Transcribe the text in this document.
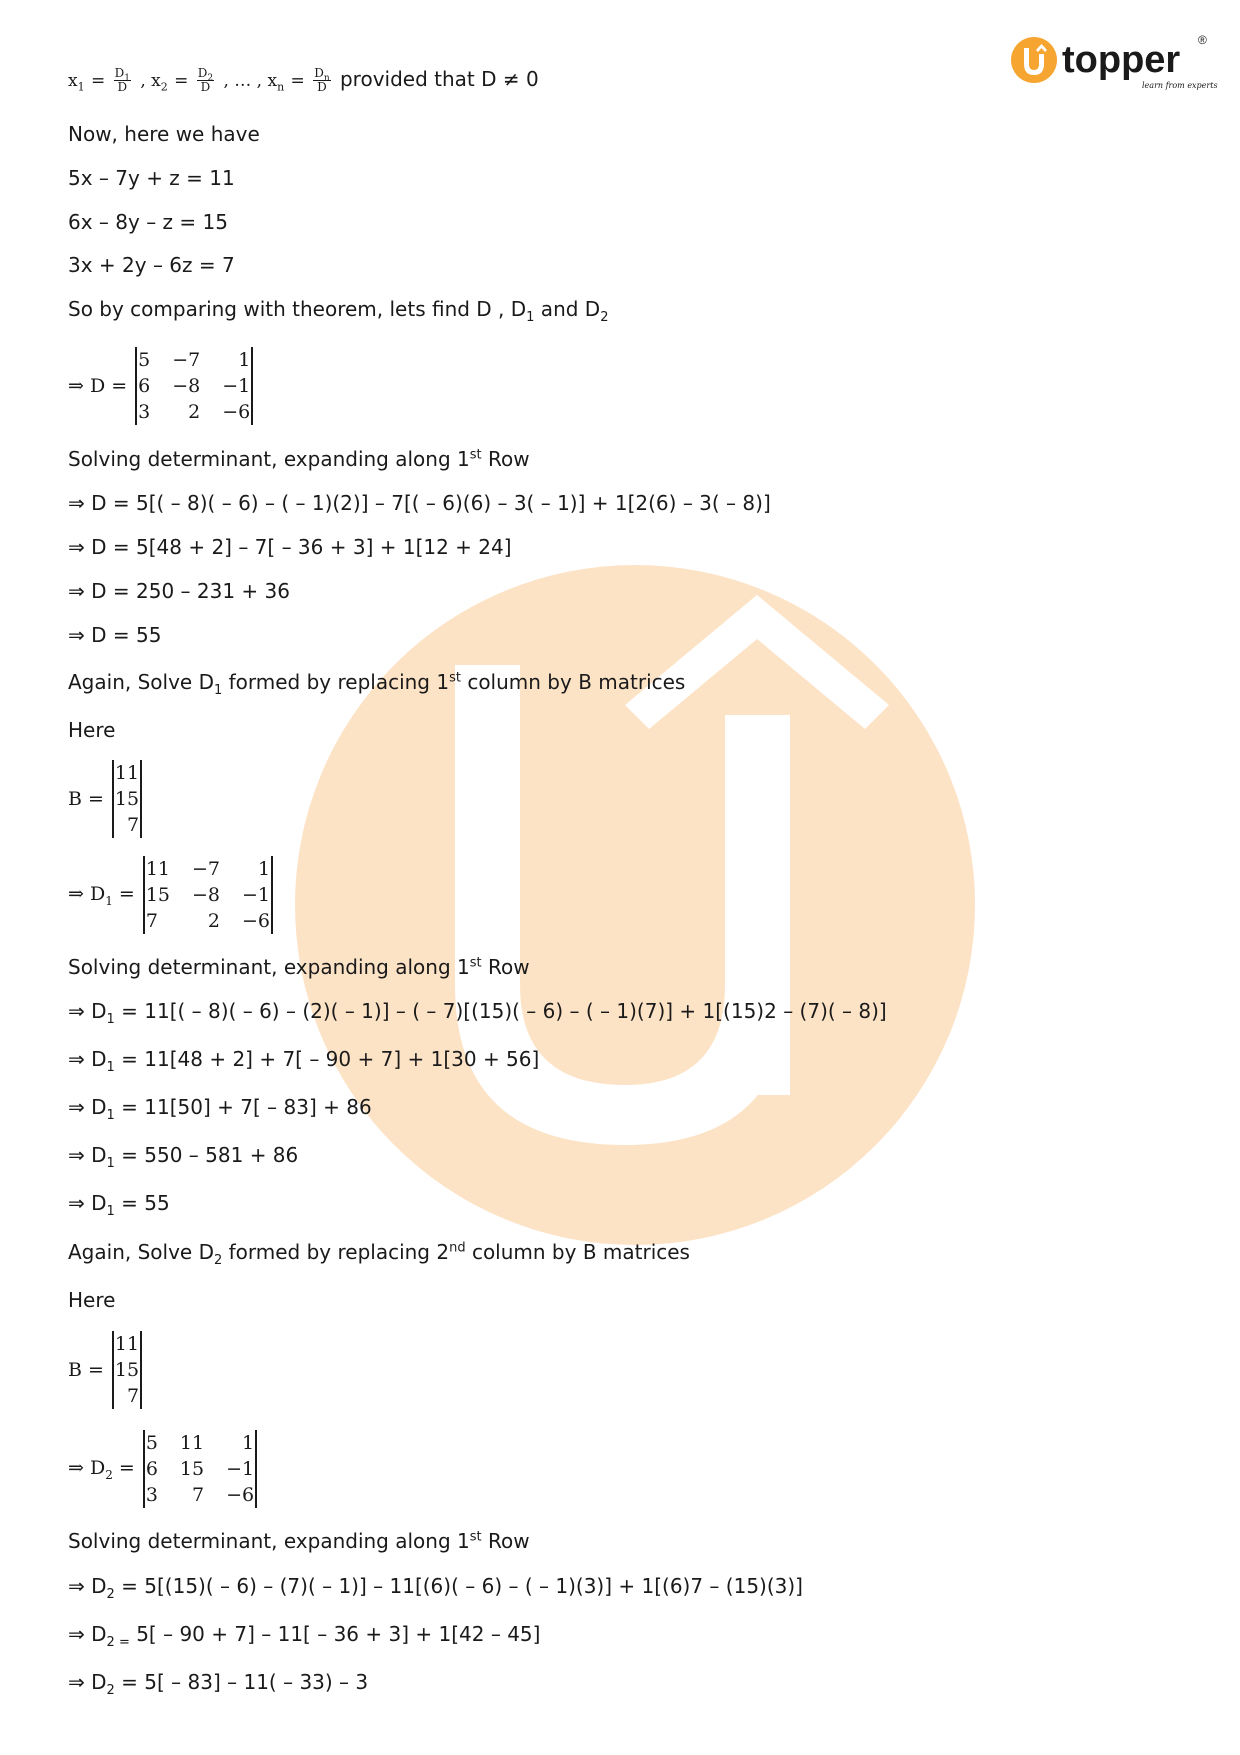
topper ®
learn from experts
$x_1 = \frac{D_1}{D}$ , $x_2 = \frac{D_2}{D}$ , … , $x_n = \frac{D_n}{D}$ provided that D ≠ 0
Now, here we have
5x – 7y + z = 11
6x – 8y – z = 15
3x + 2y – 6z = 7
So by comparing with theorem, lets find D , $D_1$ and $D_2$
⇒ D =
5 −7	1
6 −8 −1
3	2 −6
Solving determinant, expanding along 1st Row
⇒ D = 5[( – 8)( – 6) – ( – 1)(2)] – 7[( – 6)(6) – 3( – 1)] + 1[2(6) – 3( – 8)]
⇒ D = 5[48 + 2] – 7[ – 36 + 3] + 1[12 + 24]
⇒ D = 250 – 231 + 36
⇒ D = 55
Again, Solve $D_1$ formed by replacing 1st column by B matrices
Here
B =
11
15
7
⇒ $D_1$ =
11 −7	1
15 −8 −1
7	2 −6
Solving determinant, expanding along 1st Row
⇒ $D_1 = 11[( - 8)( - 6) - (2)( - 1)]$ – ( – 7)[(15)( – 6) – ( – 1)(7)] + 1[(15)2 – (7)( – 8)]
⇒ $D_1 = 11[48 + 2] + 7[ - 90 + 7] + 1[30 + 56]$
⇒ $D_1 = 11[50] + 7[ - 83] + 86$
⇒ $D_1 = 550 - 581 + 86$
⇒ $D_1 = 55$
Again, Solve $D_2$ formed by replacing 2nd column by B matrices
Here
B =
11
15
7
⇒ $D_2$ =
5 11	1
6 15 −1
3	7 −6
Solving determinant, expanding along 1st Row
⇒ $D_2 = 5[(15)( - 6) - (7)( - 1)] - 11[(6)( - 6)$ – ( – 1)(3)] + 1[(6)7 – (15)(3)]
⇒ $D_{2 =}$ 5[ – 90 + 7] – 11[ – 36 + 3] + 1[42 – 45]
⇒ $D_2 = 5[ - 83] - 11( - 33) - 3$
